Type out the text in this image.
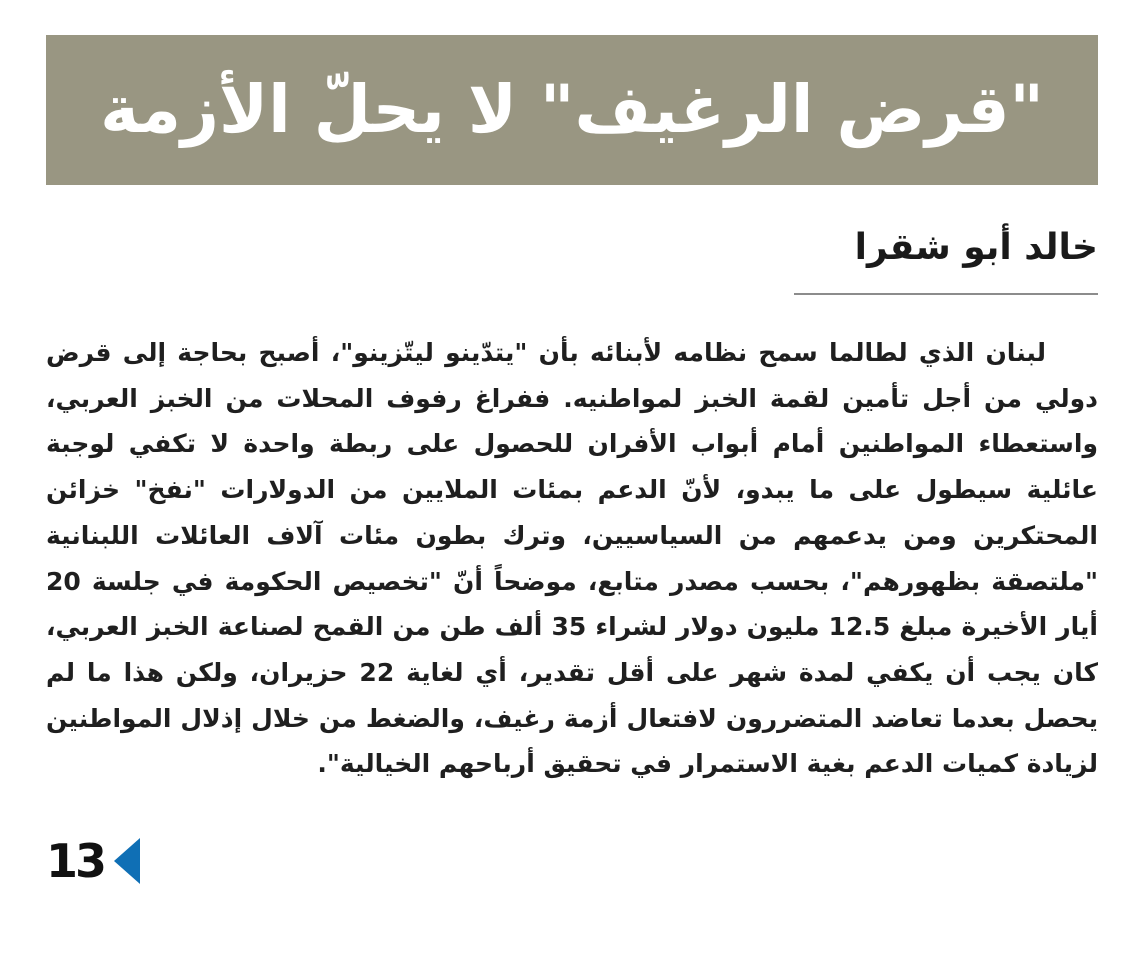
"قرض الرغيف" لا يحلّ الأزمة
خالد أبو شقرا
لبنان الذي لطالما سمح نظامه لأبنائه بأن "يتدّينو ليتّزينو"، أصبح بحاجة إلى قرض دولي من أجل تأمين لقمة الخبز لمواطنيه. ففراغ رفوف المحلات من الخبز العربي، واستعطاء المواطنين أمام أبواب الأفران للحصول على ربطة واحدة لا تكفي لوجبة عائلية سيطول على ما يبدو، لأنّ الدعم بمئات الملايين من الدولارات "نفخ" خزائن المحتكرين ومن يدعمهم من السياسيين، وترك بطون مئات آلاف العائلات اللبنانية "ملتصقة بظهورهم"، بحسب مصدر متابع، موضحاً أنّ "تخصيص الحكومة في جلسة 20 أيار الأخيرة مبلغ 12.5 مليون دولار لشراء 35 ألف طن من القمح لصناعة الخبز العربي، كان يجب أن يكفي لمدة شهر على أقل تقدير، أي لغاية 22 حزيران، ولكن هذا ما لم يحصل بعدما تعاضد المتضررون لافتعال أزمة رغيف، والضغط من خلال إذلال المواطنين لزيادة كميات الدعم بغية الاستمرار في تحقيق أرباحهم الخيالية".
13
